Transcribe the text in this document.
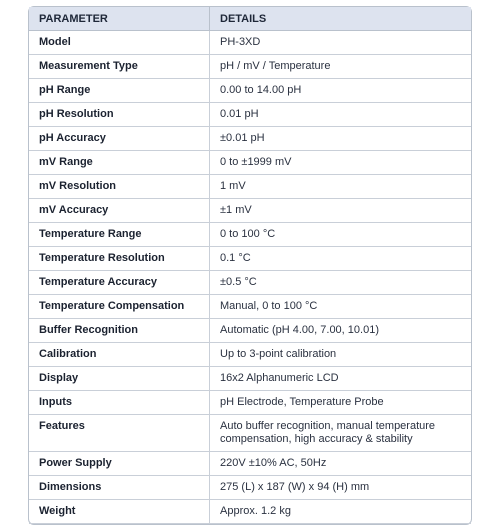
PARAMETER	DETAILS
Model	PH-3XD
Measurement Type	pH / mV / Temperature
pH Range	0.00 to 14.00 pH
pH Resolution	0.01 pH
pH Accuracy	±0.01 pH
mV Range	0 to ±1999 mV
mV Resolution	1 mV
mV Accuracy	±1 mV
Temperature Range	0 to 100 °C
Temperature Resolution	0.1 °C
Temperature Accuracy	±0.5 °C
Temperature Compensation	Manual, 0 to 100 °C
Buffer Recognition	Automatic (pH 4.00, 7.00, 10.01)
Calibration	Up to 3-point calibration
Display	16x2 Alphanumeric LCD
Inputs	pH Electrode, Temperature Probe
Features	Auto buffer recognition, manual temperature compensation, high accuracy & stability
Power Supply	220V ±10% AC, 50Hz
Dimensions	275 (L) x 187 (W) x 94 (H) mm
Weight	Approx. 1.2 kg
